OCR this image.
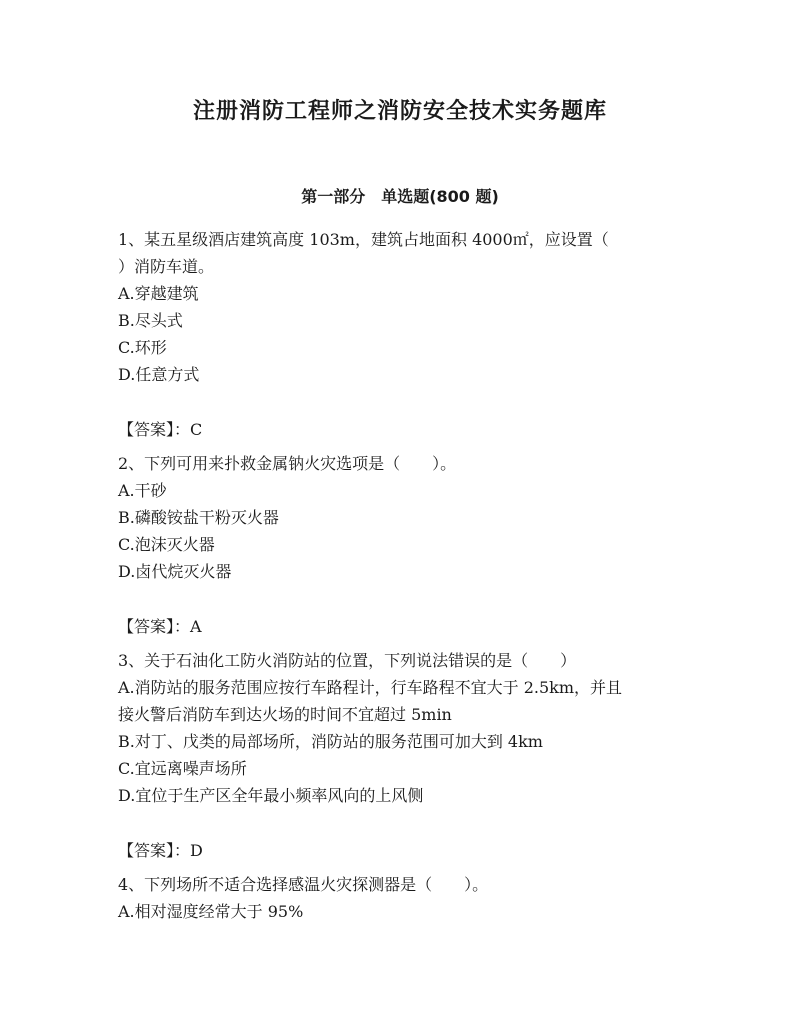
注册消防工程师之消防安全技术实务题库
第一部分　单选题(800 题)
1、某五星级酒店建筑高度 103m，建筑占地面积 4000㎡，应设置（
）消防车道。
A.穿越建筑
B.尽头式
C.环形
D.任意方式
【答案】：C
2、下列可用来扑救金属钠火灾选项是（　　）。
A.干砂
B.磷酸铵盐干粉灭火器
C.泡沫灭火器
D.卤代烷灭火器
【答案】：A
3、关于石油化工防火消防站的位置，下列说法错误的是（　　）
A.消防站的服务范围应按行车路程计，行车路程不宜大于 2.5km，并且
接火警后消防车到达火场的时间不宜超过 5min
B.对丁、戊类的局部场所，消防站的服务范围可加大到 4km
C.宜远离噪声场所
D.宜位于生产区全年最小频率风向的上风侧
【答案】：D
4、下列场所不适合选择感温火灾探测器是（　　）。
A.相对湿度经常大于 95%
